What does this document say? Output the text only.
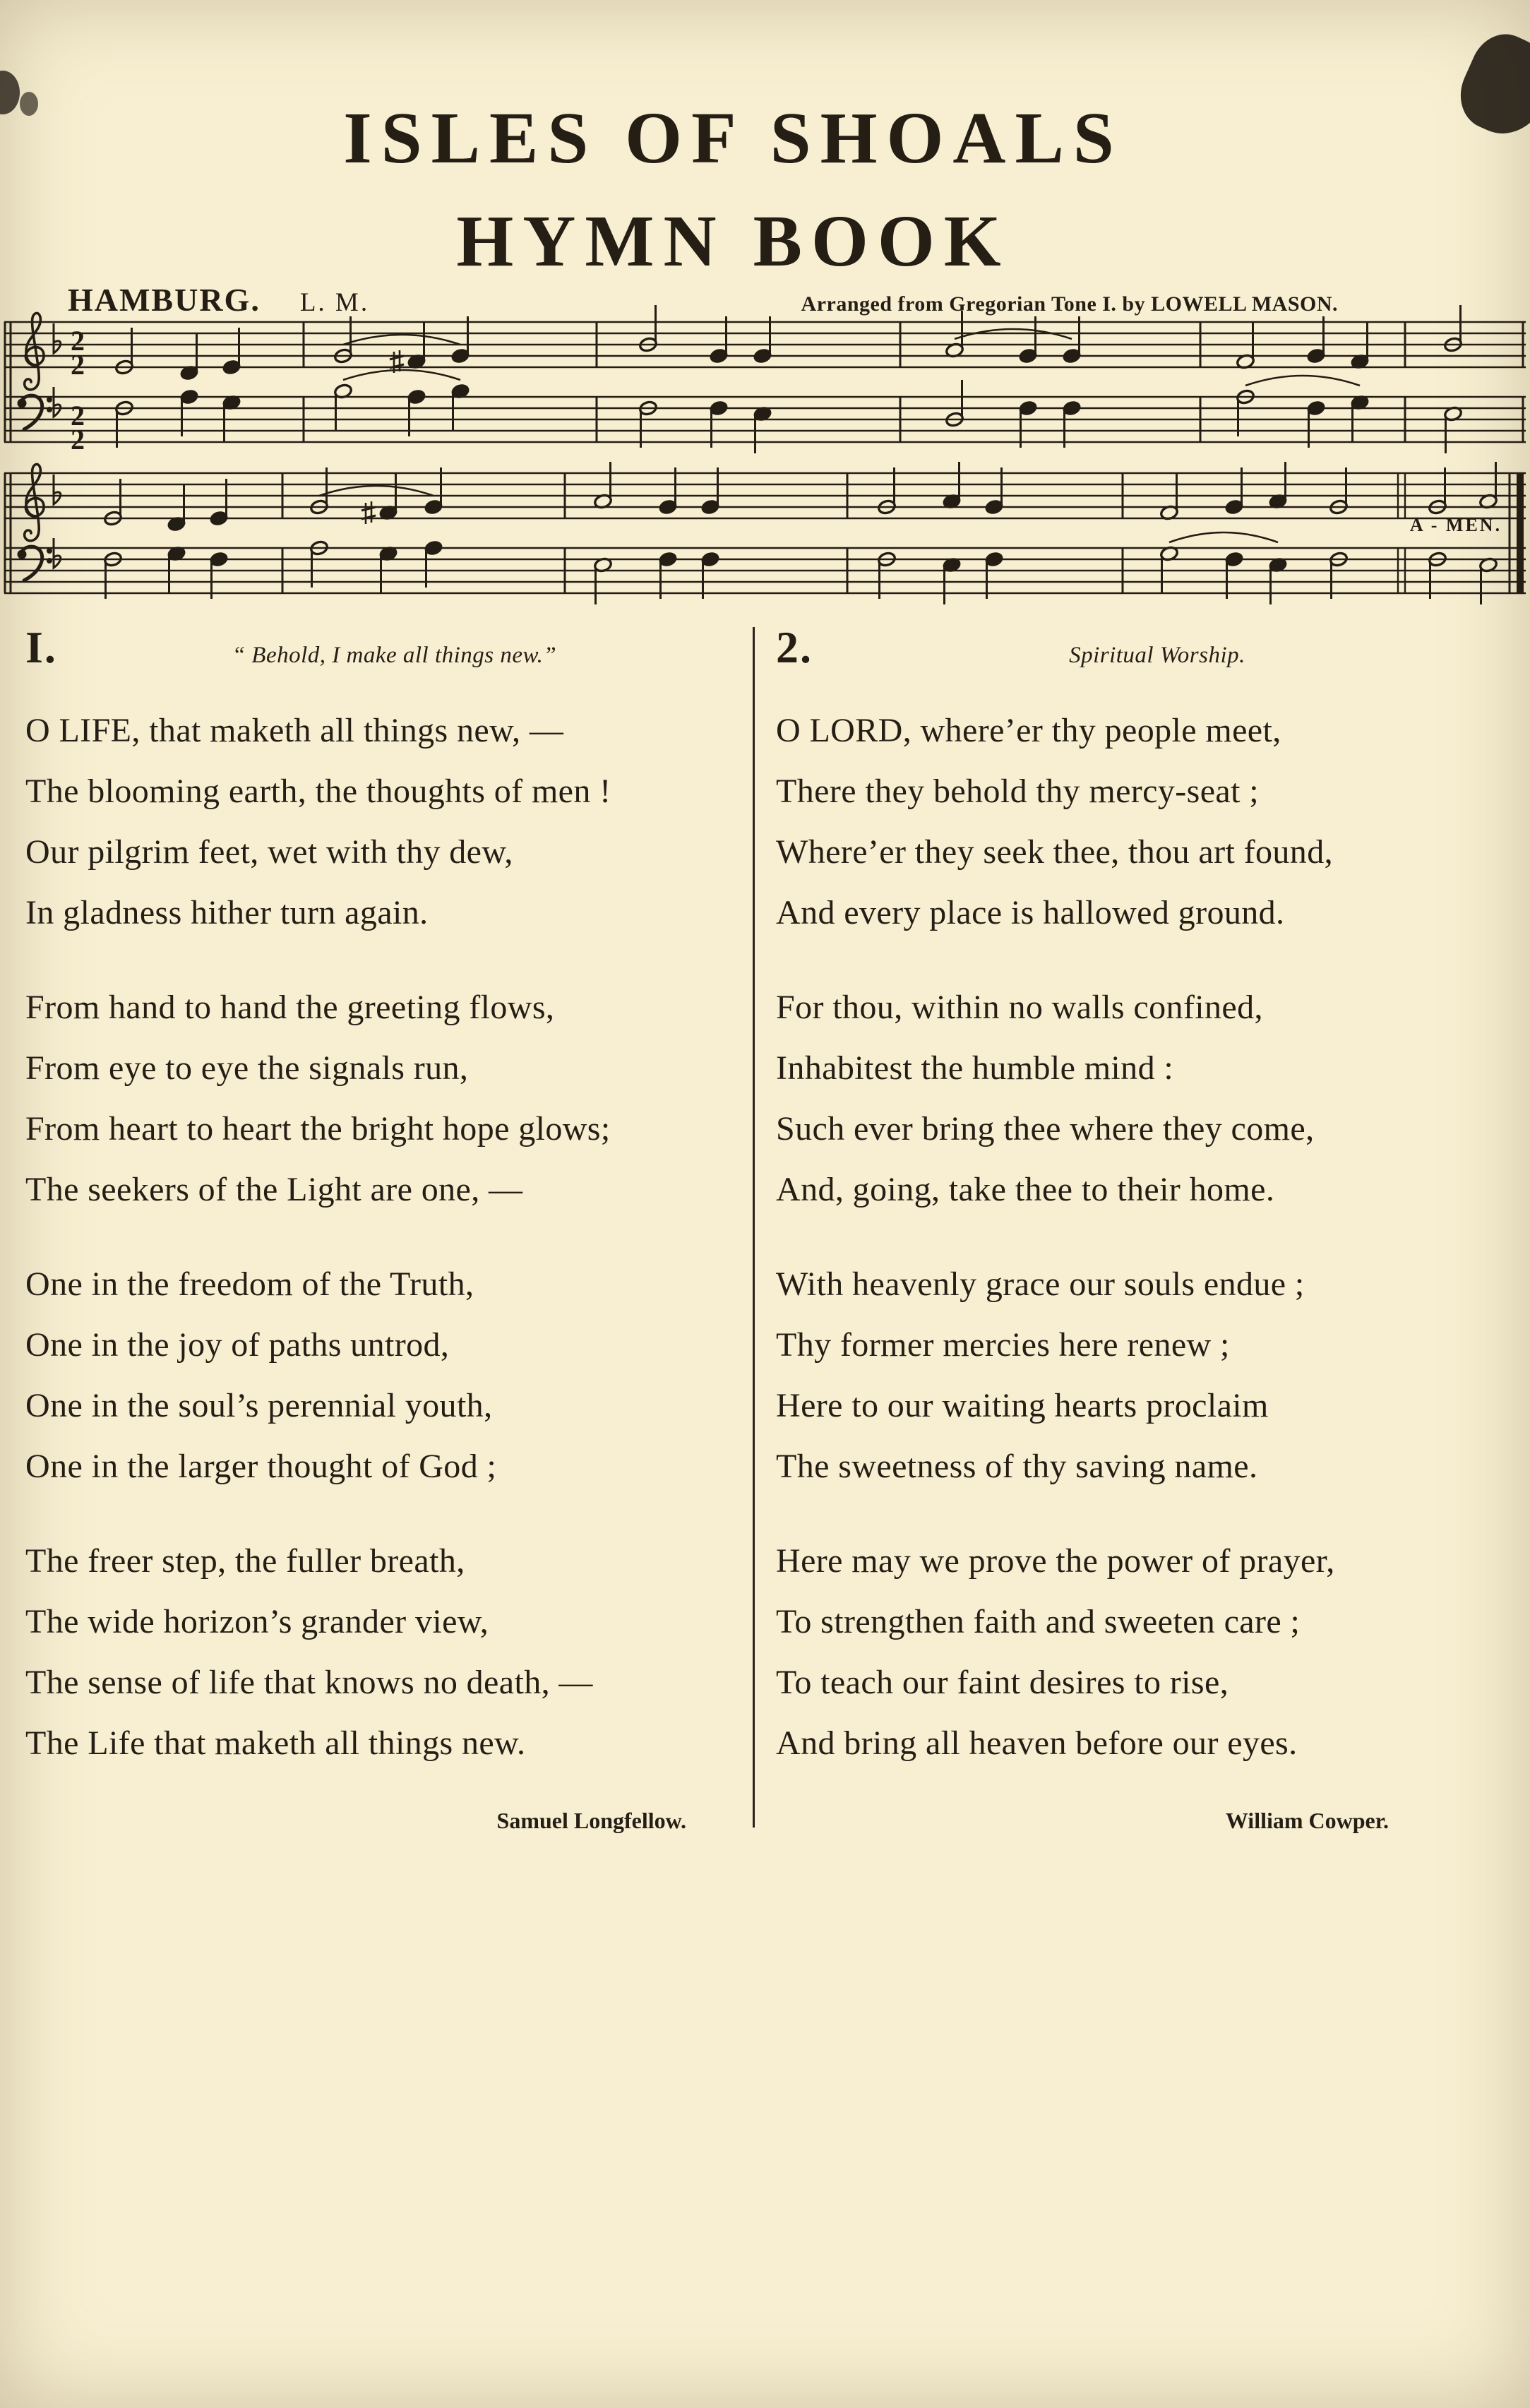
ISLES OF SHOALS
HYMN BOOK
HAMBURG. L. M.	Arranged from Gregorian Tone I. by LOWELL MASON.
2
2
2
2
A - MEN.
I.	“ Behold, I make all things new.”
O LIFE, that maketh all things new, —
The blooming earth, the thoughts of men !
Our pilgrim feet, wet with thy dew,
In gladness hither turn again.
From hand to hand the greeting flows,
From eye to eye the signals run,
From heart to heart the bright hope glows;
The seekers of the Light are one, —
One in the freedom of the Truth,
One in the joy of paths untrod,
One in the soul’s perennial youth,
One in the larger thought of God ;
The freer step, the fuller breath,
The wide horizon’s grander view,
The sense of life that knows no death, —
The Life that maketh all things new.
Samuel Longfellow.
2.	Spiritual Worship.
O LORD, where’er thy people meet,
There they behold thy mercy-seat ;
Where’er they seek thee, thou art found,
And every place is hallowed ground.
For thou, within no walls confined,
Inhabitest the humble mind :
Such ever bring thee where they come,
And, going, take thee to their home.
With heavenly grace our souls endue ;
Thy former mercies here renew ;
Here to our waiting hearts proclaim
The sweetness of thy saving name.
Here may we prove the power of prayer,
To strengthen faith and sweeten care ;
To teach our faint desires to rise,
And bring all heaven before our eyes.
William Cowper.
